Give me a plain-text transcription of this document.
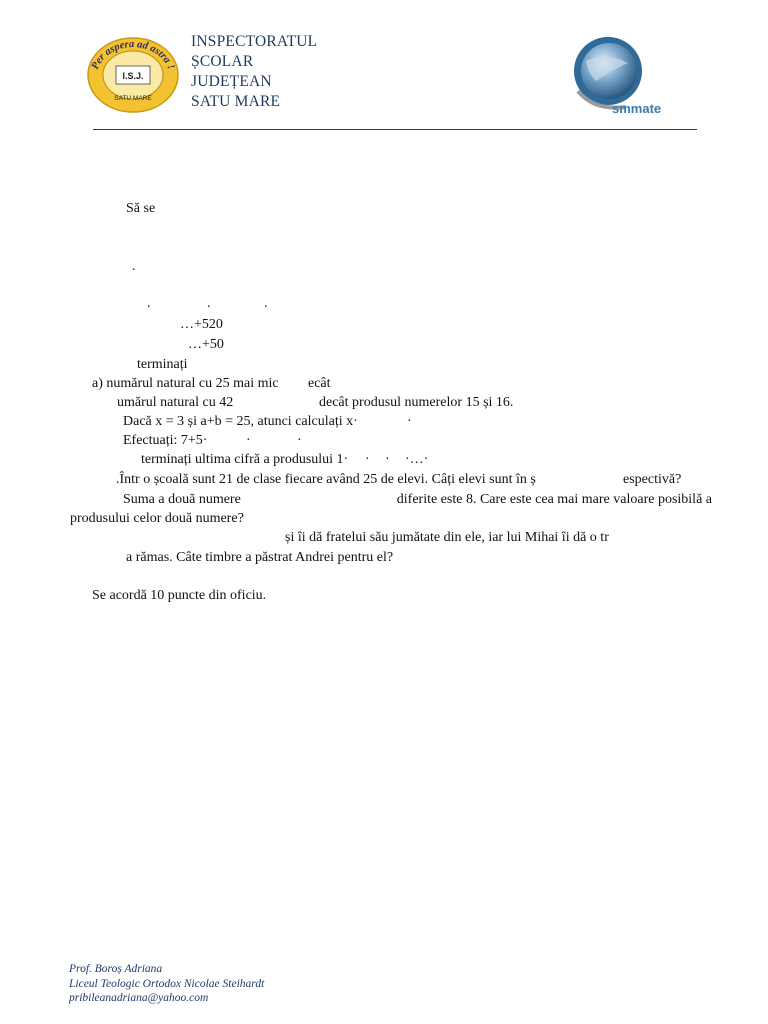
Per aspera ad astra !
I.S.J.
SATU MARE
INSPECTORATUL
ȘCOLAR
JUDEȚEAN
SATU MARE	smmate
Să se
.
.	.	.
…+520
…+50
terminați
a) numărul natural cu 25 mai mic ecât
umărul natural cu 42	decât produsul numerelor 15 și 16.
Dacă x = 3 și a+b = 25, atunci calculați x·	·
Efectuați: 7+5·	·	·
terminați ultima cifră a produsului 1· · · ·…·
.Într o școală sunt 21 de clase fiecare având 25 de elevi. Câți elevi sunt în ș	espectivă?
Suma a două numere	diferite este 8. Care este cea mai mare valoare posibilă a
produsului celor două numere?
și îi dă fratelui său jumătate din ele, iar lui Mihai îi dă o tr
a rămas. Câte timbre a păstrat Andrei pentru el?
Se acordă 10 puncte din oficiu.
Prof. Boroș Adriana
Liceul Teologic Ortodox Nicolae Steihardt
pribileanadriana@yahoo.com
